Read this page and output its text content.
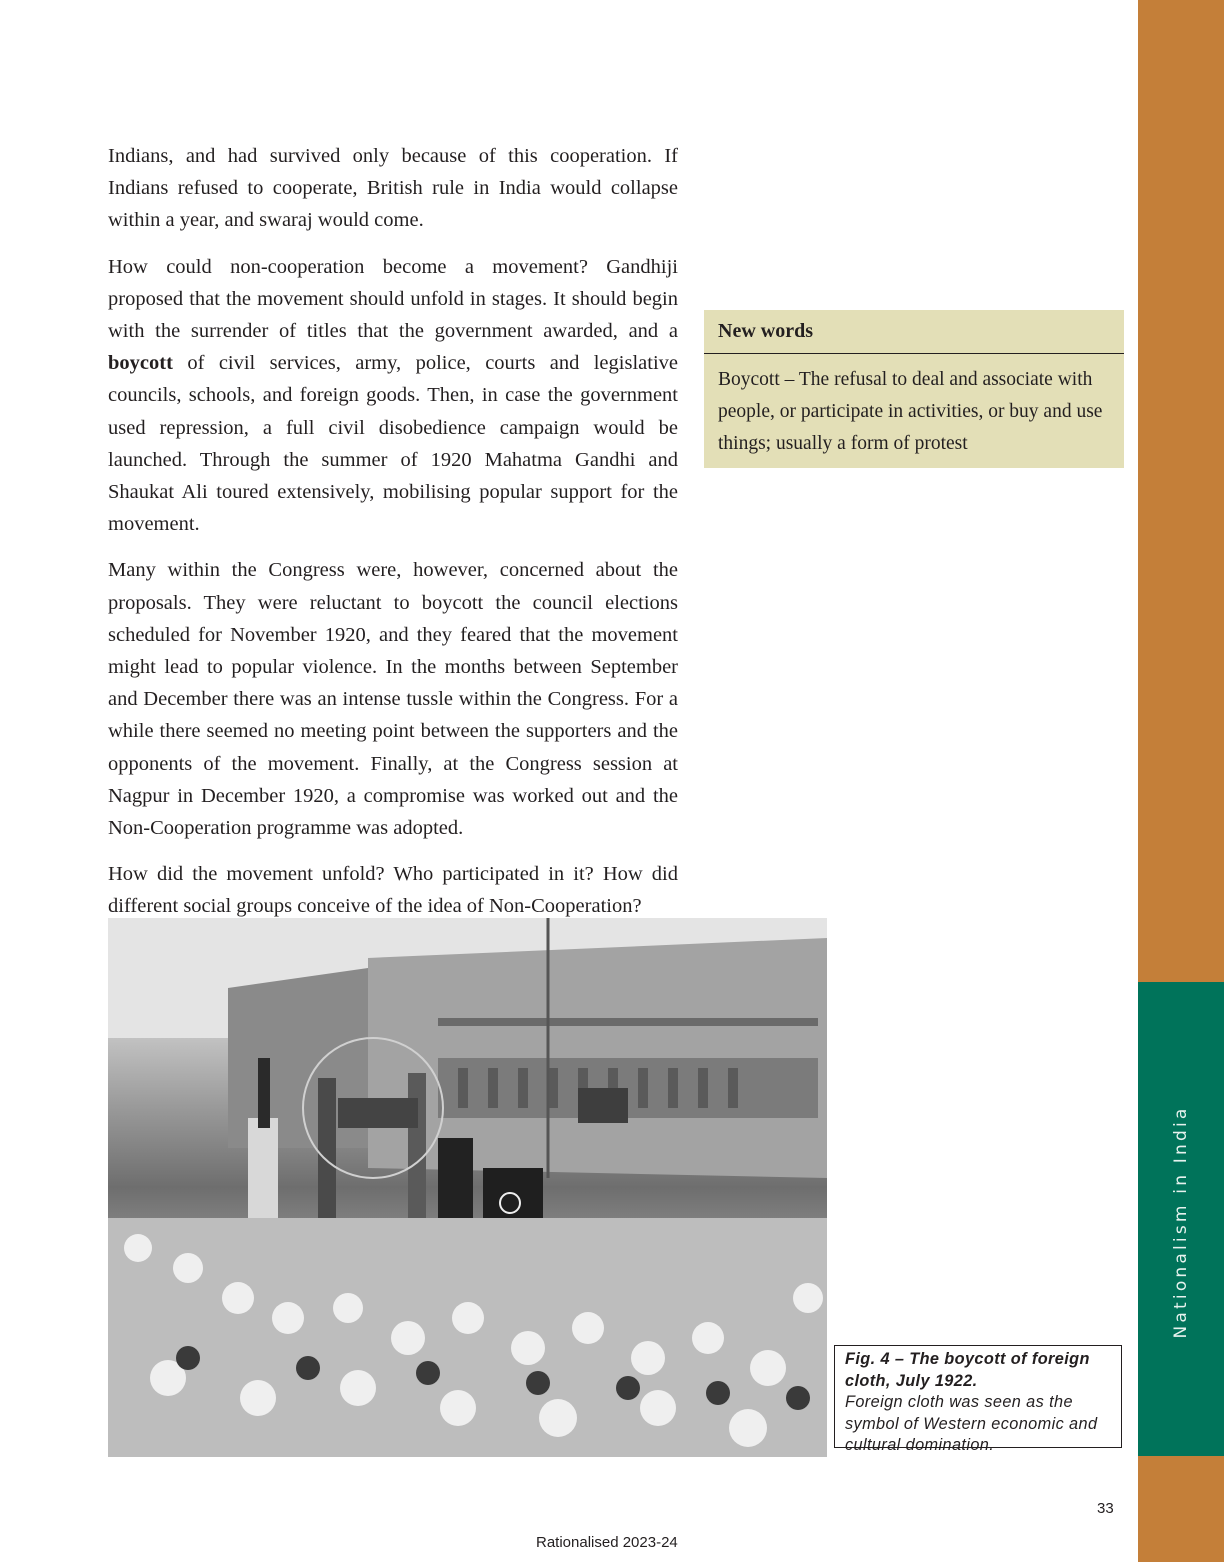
Nationalism in India

Indians, and had survived only because of this cooperation. If Indians refused to cooperate, British rule in India would collapse within a year, and swaraj would come.

How could non-cooperation become a movement? Gandhiji proposed that the movement should unfold in stages. It should begin with the surrender of titles that the government awarded, and a boycott of civil services, army, police, courts and legislative councils, schools, and foreign goods. Then, in case the government used repression, a full civil disobedience campaign would be launched. Through the summer of 1920 Mahatma Gandhi and Shaukat Ali toured extensively, mobilising popular support for the movement.

Many within the Congress were, however, concerned about the proposals. They were reluctant to boycott the council elections scheduled for November 1920, and they feared that the movement might lead to popular violence. In the months between September and December there was an intense tussle within the Congress. For a while there seemed no meeting point between the supporters and the opponents of the movement. Finally, at the Congress session at Nagpur in December 1920, a compromise was worked out and the Non-Cooperation programme was adopted.

How did the movement unfold? Who participated in it? How did different social groups conceive of the idea of Non-Cooperation?

New words
Boycott – The refusal to deal and associate with people, or participate in activities, or buy and use things; usually a form of protest
Fig. 4 – The boycott of foreign cloth, July 1922.
Foreign cloth was seen as the symbol of Western economic and cultural domination.
33
Rationalised 2023-24
